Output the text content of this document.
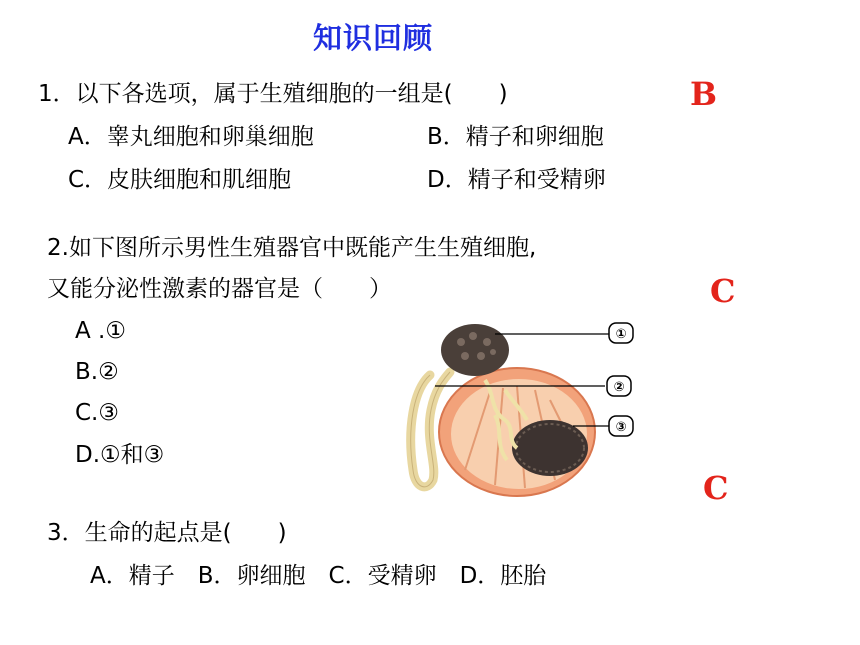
知识回顾
1．以下各选项，属于生殖细胞的一组是(　　)	B
A．睾丸细胞和卵巢细胞	B．精子和卵细胞
C．皮肤细胞和肌细胞	D．精子和受精卵
2.如下图所示男性生殖器官中既能产生生殖细胞,
又能分泌性激素的器官是（　　）	C
A .①
B.②
C.③
D.①和③
①
②
③
C
3．生命的起点是(　　)
A．精子　B．卵细胞　C．受精卵　D．胚胎
